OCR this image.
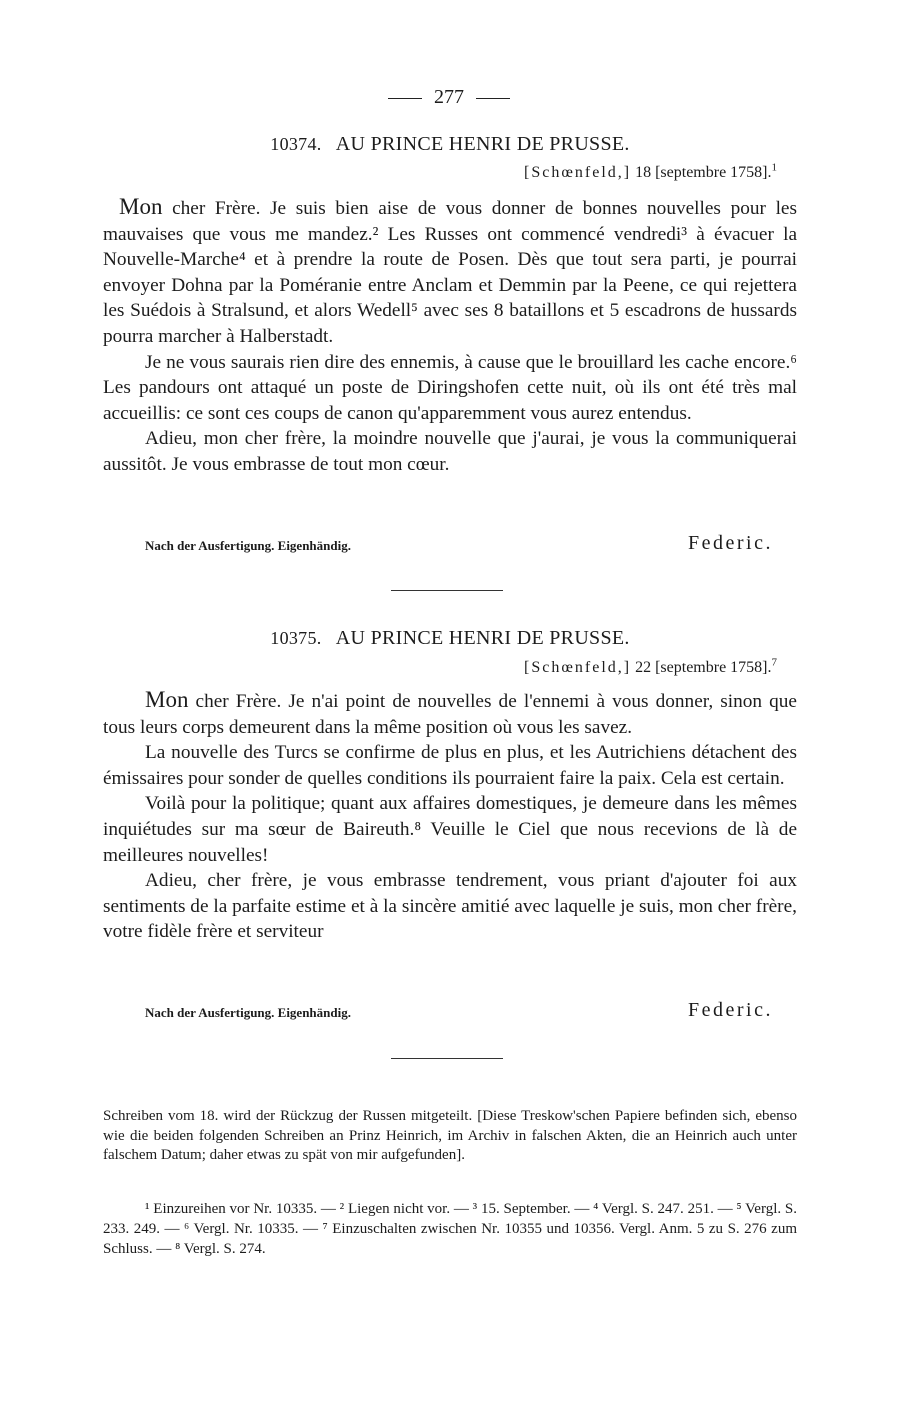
277
10374. AU PRINCE HENRI DE PRUSSE.
[Schœnfeld,] 18 [septembre 1758].$^1$

Mon cher Frère. Je suis bien aise de vous donner de bonnes nouvelles pour les mauvaises que vous me mandez.² Les Russes ont commencé vendredi³ à évacuer la Nouvelle-Marche⁴ et à prendre la route de Posen. Dès que tout sera parti, je pourrai envoyer Dohna par la Poméranie entre Anclam et Demmin par la Peene, ce qui rejettera les Suédois à Stralsund, et alors Wedell⁵ avec ses 8 bataillons et 5 escadrons de hussards pourra marcher à Halberstadt.

Je ne vous saurais rien dire des ennemis, à cause que le brouillard les cache encore.⁶ Les pandours ont attaqué un poste de Diringshofen cette nuit, où ils ont été très mal accueillis: ce sont ces coups de canon qu'apparemment vous aurez entendus.

Adieu, mon cher frère, la moindre nouvelle que j'aurai, je vous la communiquerai aussitôt. Je vous embrasse de tout mon cœur.

Nach der Ausfertigung. Eigenhändig.	Federic.
10375. AU PRINCE HENRI DE PRUSSE.
[Schœnfeld,] 22 [septembre 1758].$^7$

Mon cher Frère. Je n'ai point de nouvelles de l'ennemi à vous donner, sinon que tous leurs corps demeurent dans la même position où vous les savez.

La nouvelle des Turcs se confirme de plus en plus, et les Autrichiens détachent des émissaires pour sonder de quelles conditions ils pourraient faire la paix. Cela est certain.

Voilà pour la politique; quant aux affaires domestiques, je demeure dans les mêmes inquiétudes sur ma sœur de Baireuth.⁸ Veuille le Ciel que nous recevions de là de meilleures nouvelles!

Adieu, cher frère, je vous embrasse tendrement, vous priant d'ajouter foi aux sentiments de la parfaite estime et à la sincère amitié avec laquelle je suis, mon cher frère, votre fidèle frère et serviteur

Nach der Ausfertigung. Eigenhändig.	Federic.
Schreiben vom 18. wird der Rückzug der Russen mitgeteilt. [Diese Treskow'schen Papiere befinden sich, ebenso wie die beiden folgenden Schreiben an Prinz Heinrich, im Archiv in falschen Akten, die an Heinrich auch unter falschem Datum; daher etwas zu spät von mir aufgefunden].

¹ Einzureihen vor Nr. 10335. — ² Liegen nicht vor. — ³ 15. September. — ⁴ Vergl. S. 247. 251. — ⁵ Vergl. S. 233. 249. — ⁶ Vergl. Nr. 10335. — ⁷ Einzuschalten zwischen Nr. 10355 und 10356. Vergl. Anm. 5 zu S. 276 zum Schluss. — ⁸ Vergl. S. 274.
